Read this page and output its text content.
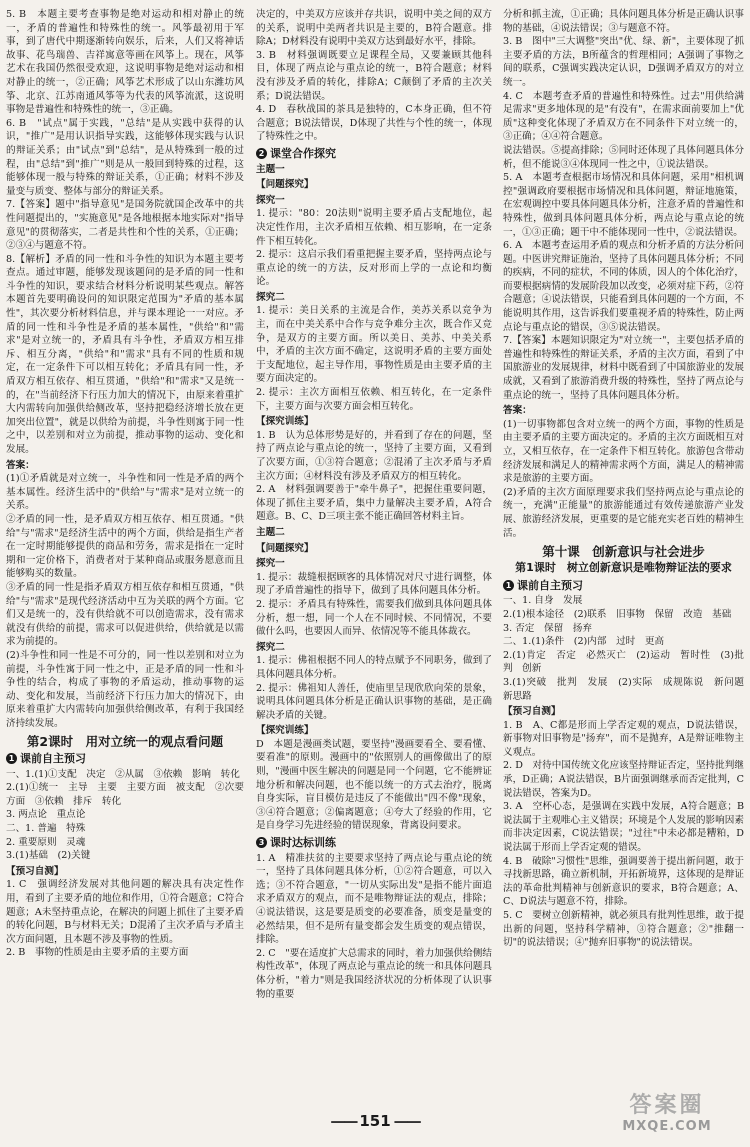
5. B　本题主要考查事物是绝对运动和相对静止的统一，矛盾的普遍性和特殊性的统一。风筝最初用于军事，到了唐代中期逐渐转向娱乐，后来，人们又将神话故事、花鸟瑞兽、吉祥寓意等画在风筝上。现在，风筝艺术在我国仍然很受欢迎，这说明事物是绝对运动和相对静止的统一，②正确；风筝艺术形成了以山东潍坊风筝、北京、江苏南通风筝等为代表的风筝流派，这说明事物是普遍性和特殊性的统一，③正确。

6. B　"试点"属于实践，"总结"是从实践中获得的认识，"推广"是用认识指导实践，这能够体现实践与认识的辩证关系；由"试点"到"总结"，是从特殊到一般的过程，由"总结"到"推广"则是从一般回到特殊的过程，这能够体现一般与特殊的辩证关系，①正确；材料不涉及量变与质变、整体与部分的辩证关系。

7.【答案】题中"指导意见"是国务院就国企改革中的共性问题提出的，"实施意见"是各地根据本地实际对"指导意见"的贯彻落实，二者是共性和个性的关系，①正确；②③④与题意不符。

8.【解析】矛盾的同一性和斗争性的知识为本题主要考查点。通过审题，能够发现该题问的是矛盾的同一性和斗争性的知识，要求结合材料分析说明某些观点。解答本题首先要明确设问的知识限定范围为"矛盾的基本属性"，其次要分析材料信息，并与课本理论一一对应。矛盾的同一性和斗争性是矛盾的基本属性，"供给"和"需求"是对立统一的，矛盾具有斗争性，矛盾双方相互排斥、相互分离，"供给"和"需求"具有不同的性质和规定，在一定条件下可以相互转化；矛盾具有同一性，矛盾双方相互依存、相互贯通，"供给"和"需求"又是统一的，在"当前经济下行压力加大的情况下，由原来着重扩大内需转向加强供给侧改革，坚持把稳经济增长放在更加突出位置"，就是以供给为前提，斗争性则寓于同一性之中，以差别和对立为前提，推动事物的运动、变化和发展。

答案：

(1)①矛盾就是对立统一，斗争性和同一性是矛盾的两个基本属性。经济生活中的"供给"与"需求"是对立统一的关系。

②矛盾的同一性，是矛盾双方相互依存、相互贯通。"供给"与"需求"是经济生活中的两个方面，供给是指生产者在一定时期能够提供的商品和劳务，需求是指在一定时期和一定价格下，消费者对于某种商品或服务愿意而且能够购买的数量。

③矛盾的同一性是指矛盾双方相互依存和相互贯通，"供给"与"需求"是现代经济活动中互为关联的两个方面。它们又是统一的，没有供给就不可以创造需求，没有需求就没有供给的前提，需求可以促进供给，供给就是以需求为前提的。

(2)斗争性和同一性是不可分的，同一性以差别和对立为前提，斗争性寓于同一性之中，正是矛盾的同一性和斗争性的结合，构成了事物的矛盾运动，推动事物的运动、变化和发展，当前经济下行压力加大的情况下，由原来着重扩大内需转向加强供给侧改革，有利于我国经济持续发展。

第2课时　用对立统一的观点看问题
1 课前自主预习

一、1.(1)①支配　决定　②从属　③依赖　影响　转化

2.(1)①统一　主导　主要　主要方面　被支配　②次要方面　③依赖　排斥　转化

3. 两点论　重点论

二、1. 普遍　特殊

2. 重要原则　灵魂

3.(1)基础　(2)关键

【预习自测】

1. C　强调经济发展对其他问题的解决具有决定性作用，看到了主要矛盾的地位和作用，①符合题意；C符合题意；A未坚持重点论，在解决的问题上抓住了主要矛盾的转化问题，B与材料无关；D混淆了主次矛盾与矛盾主次方面问题，且本题不涉及事物的性质。

2. B　事物的性质是由主要矛盾的主要方面

决定的，中美双方应该并存共识，说明中美之间的双方的关系，说明中美两者共识是主要的，B符合题意。排除A；D材料没有说明中美双方达到最好水平，排除。

3. B　材料强调既要立足课程全局，又要兼顾其他科目，体现了两点论与重点论的统一，B符合题意；材料没有涉及矛盾的转化，排除A；C颠倒了矛盾的主次关系；D说法错误。

4. D　春秋战国的茶具是独特的，C本身正确，但不符合题意；B说法错误，D体现了共性与个性的统一，体现了特殊性之中。

2 课堂合作探究

主题一

【问题探究】

探究一

1. 提示："80：20法则"说明主要矛盾占支配地位，起决定性作用，主次矛盾相互依赖、相互影响，在一定条件下相互转化。

2. 提示：这启示我们看重把握主要矛盾，坚持两点论与重点论的统一的方法，反对形而上学的一点论和均衡论。

探究二

1. 提示：美日关系的主流是合作，美苏关系以竞争为主，而在中美关系中合作与竞争难分主次，既合作又竞争，是双方的主要方面。所以美日、美苏、中美关系中，矛盾的主次方面不确定，这说明矛盾的主要方面处于支配地位，起主导作用，事物性质是由主要矛盾的主要方面决定的。

2. 提示：主次方面相互依赖、相互转化，在一定条件下，主要方面与次要方面会相互转化。

【探究训练】

1. B　认为总体形势是好的，并看到了存在的问题，坚持了两点论与重点论的统一，坚持了主要方面，又看到了次要方面，①③符合题意；②混淆了主次矛盾与矛盾主次方面；④材料没有涉及矛盾双方的相互转化。

2. A　材料强调要善于"牵牛鼻子"，把握住重要问题，体现了抓住主要矛盾，集中力量解决主要矛盾，A符合题意。B、C、D三项主张不能正确回答材料主旨。

主题二

【问题探究】

探究一

1. 提示：裁缝根据顾客的具体情况对尺寸进行调整，体现了矛盾普遍性的指导下，做到了具体问题具体分析。

2. 提示：矛盾具有特殊性，需要我们做到具体问题具体分析，想一想，同一个人在不同时候、不同情况，不要做什么吗，也要因人而异、依情况等不能具体裁衣。

探究二

1. 提示：佛祖根据不同人的特点赋予不同职务，做到了具体问题具体分析。

2. 提示：佛祖知人善任，使庙里呈现欣欣向荣的景象，说明具体问题具体分析是正确认识事物的基础，是正确解决矛盾的关键。

【探究训练】

D　本题是漫画类试题，要坚持"漫画要看全、要看懂、要看准"的原则。漫画中的"依照别人的画像做出了的原则，"漫画中医生解决的问题是同一个问题，它不能辨证地分析和解决问题，也不能以统一的方式去治疗，脱离自身实际，盲目模仿是违反了不能做出"四不像"现象，③④符合题意；②偏离题意；④夸大了经验的作用，它是自身学习先进经验的错误现象，背离设问要求。

3 课时达标训练

1. A　精准扶贫的主要要求坚持了两点论与重点论的统一，坚持了具体问题具体分析，①②符合题意，可以入选；③不符合题意，"一切从实际出发"是指不能片面追求矛盾双方的观点，而不是唯物辩证法的观点，排除；④说法错误，这是要是质变的必要准备，质变是量变的必然结果，但不是所有量变都会发生质变的观点错误，排除。

2. C　"要在适度扩大总需求的同时，着力加强供给侧结构性改革"，体现了两点论与重点论的统一和具体问题具体分析，"着力"则是我国经济状况的分析体现了认识事物的重要

分析和抓主流，①正确；具体问题具体分析是正确认识事物的基础，④说法错误；③与题意不符。

3. B　图中"三大调整"突出"优、绿、新"，主要体现了抓主要矛盾的方法，B所蕴含的哲理相同；A强调了事物之间的联系，C强调实践决定认识，D强调矛盾双方的对立统一。

4. C　本题考查矛盾的普遍性和特殊性。过去"用供给满足需求"更多地体现的是"有没有"，在需求面前要加上"优质"这种变化体现了矛盾双方在不同条件下对立统一的，③正确；④④符合题意。

说法错误。⑤提高排除；⑤同时还体现了具体问题具体分析，但不能说③④体现同一性之中，①说法错误。

5. A　本题考查根据市场情况和具体问题，采用"相机调控"强调政府要根据市场情况和具体问题，辩证地施策，在宏观调控中要具体问题具体分析，注意矛盾的普遍性和特殊性，做到具体问题具体分析，两点论与重点论的统一，①③正确；题干中不能体现同一性中，②说法错误。

6. A　本题考查运用矛盾的观点和分析矛盾的方法分析问题。中医讲究辩证施治，坚持了具体问题具体分析；不同的疾病，不同的症状，不同的体质，因人的个体化治疗，而要根据病情的发展阶段加以改变，必须对症下药，②符合题意；④说法错误，只能看到具体问题的一个方面，不能说明其作用，这告诉我们要重视矛盾的特殊性，防止两点论与重点论的错误，③⑤说法错误。

7.【答案】本题知识限定为"对立统一"，主要包括矛盾的普遍性和特殊性的辩证关系，矛盾的主次方面，看到了中国旅游业的发展规律，材料中既看到了中国旅游业的发展成就，又看到了旅游消费升级的特殊性，坚持了两点论与重点论的统一，坚持了具体问题具体分析。

答案：

(1)一切事物都包含对立统一的两个方面，事物的性质是由主要矛盾的主要方面决定的。矛盾的主次方面既相互对立，又相互依存，在一定条件下相互转化。旅游包含带动经济发展和满足人的精神需求两个方面，满足人的精神需求是旅游的主要方面。

(2)矛盾的主次方面原理要求我们坚持两点论与重点论的统一，充满"正能量"的旅游能通过有效传递旅游产业发展、旅游经济发展，更重要的是它能充实老百姓的精神生活。

第十课　创新意识与社会进步
第1课时　树立创新意识是唯物辩证法的要求
1 课前自主预习

一、1. 自身　发展

2.(1)根本途径　(2)联系　旧事物　保留　改造　基础

3. 否定　保留　扬弃

二、1.(1)条件　(2)内部　过时　更高

2.(1)肯定　否定　必然灭亡　(2)运动　暂时性　(3)批判　创新

3.(1)突破　批判　发展　(2)实际　成规陈说　新问题　新思路

【预习自测】

1. B　A、C都是形而上学否定观的观点，D说法错误，新事物对旧事物是"扬弃"，而不是抛弃，A是辩证唯物主义观点。

2. D　对待中国传统文化应该坚持辩证否定，坚持批判继承，D正确；A说法错误，B片面强调继承而否定批判，C说法错误，答案为D。

3. A　空杯心态，是强调在实践中发展，A符合题意；B说法属于主观唯心主义错误；环境是个人发展的影响因素而非决定因素，C说法错误；"过往"中未必都是糟粕，D说法属于形而上学否定观的错误。

4. B　破除"习惯性"思维，强调要善于提出新问题，敢于寻找新思路，确立新机制，开拓新境界，这体现的是辩证法的革命批判精神与创新意识的要求，B符合题意；A、C、D说法与题意不符，排除。

5. C　要树立创新精神，就必须具有批判性思维，敢于提出新的问题，坚持科学精神，③符合题意；②"推翻一切"的说法错误；④"抛弃旧事物"的说法错误。

—— 151 ——
答案圈
MXQE.COM
